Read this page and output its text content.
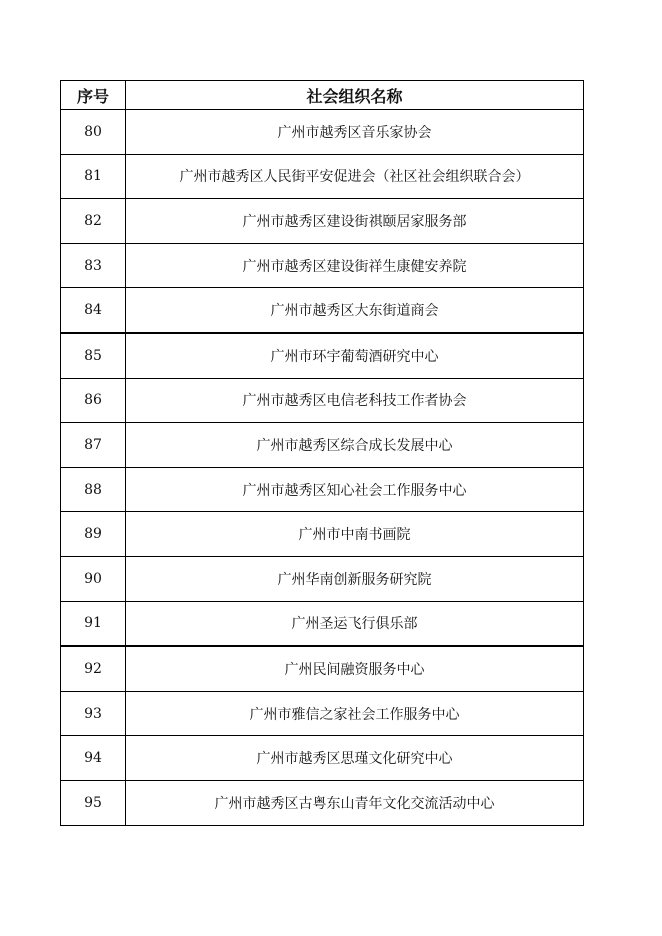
序号	社会组织名称
80	广州市越秀区音乐家协会
81	广州市越秀区人民街平安促进会（社区社会组织联合会）
82	广州市越秀区建设街祺颐居家服务部
83	广州市越秀区建设街祥生康健安养院
84	广州市越秀区大东街道商会
85	广州市环宇葡萄酒研究中心
86	广州市越秀区电信老科技工作者协会
87	广州市越秀区综合成长发展中心
88	广州市越秀区知心社会工作服务中心
89	广州市中南书画院
90	广州华南创新服务研究院
91	广州圣运飞行俱乐部
92	广州民间融资服务中心
93	广州市雅信之家社会工作服务中心
94	广州市越秀区思瑾文化研究中心
95	广州市越秀区古粤东山青年文化交流活动中心
